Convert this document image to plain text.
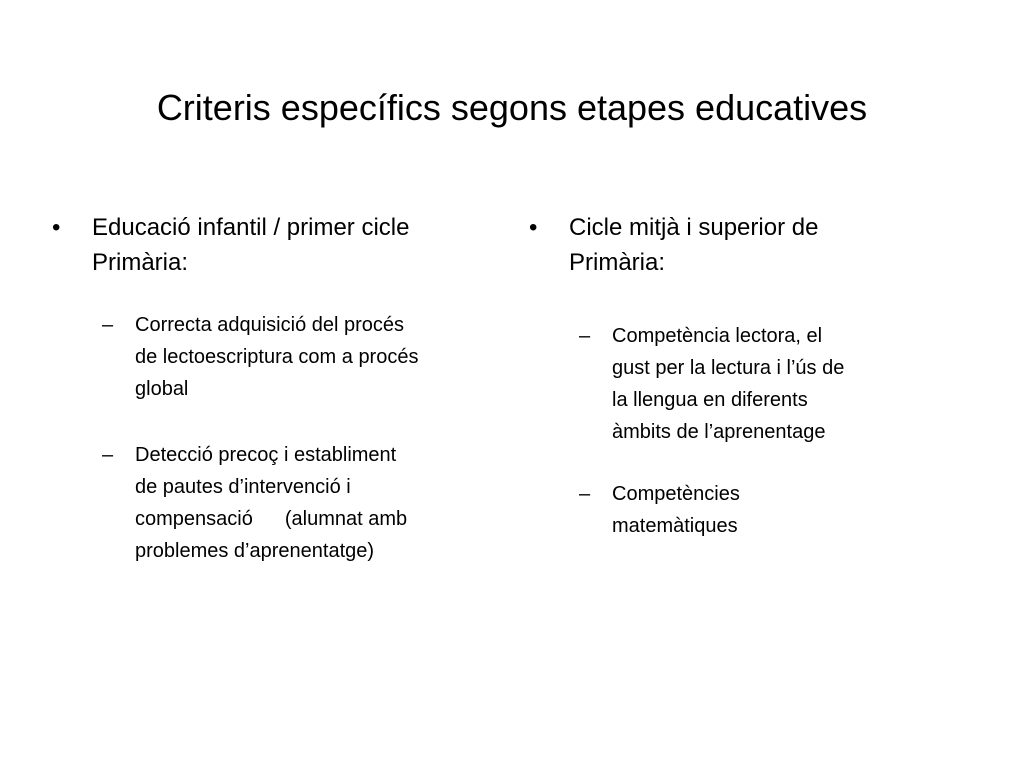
Criteris específics segons etapes educatives
• Educació infantil / primer cicle
Primària:
– Correcta adquisició del procés
de lectoescriptura com a procés
global
– Detecció precoç i establiment
de pautes d’intervenció i
compensació (alumnat amb
problemes d’aprenentatge)
• Cicle mitjà i superior de
Primària:
– Competència lectora, el
gust per la lectura i l’ús de
la llengua en diferents
àmbits de l’aprenentage
– Competències
matemàtiques
